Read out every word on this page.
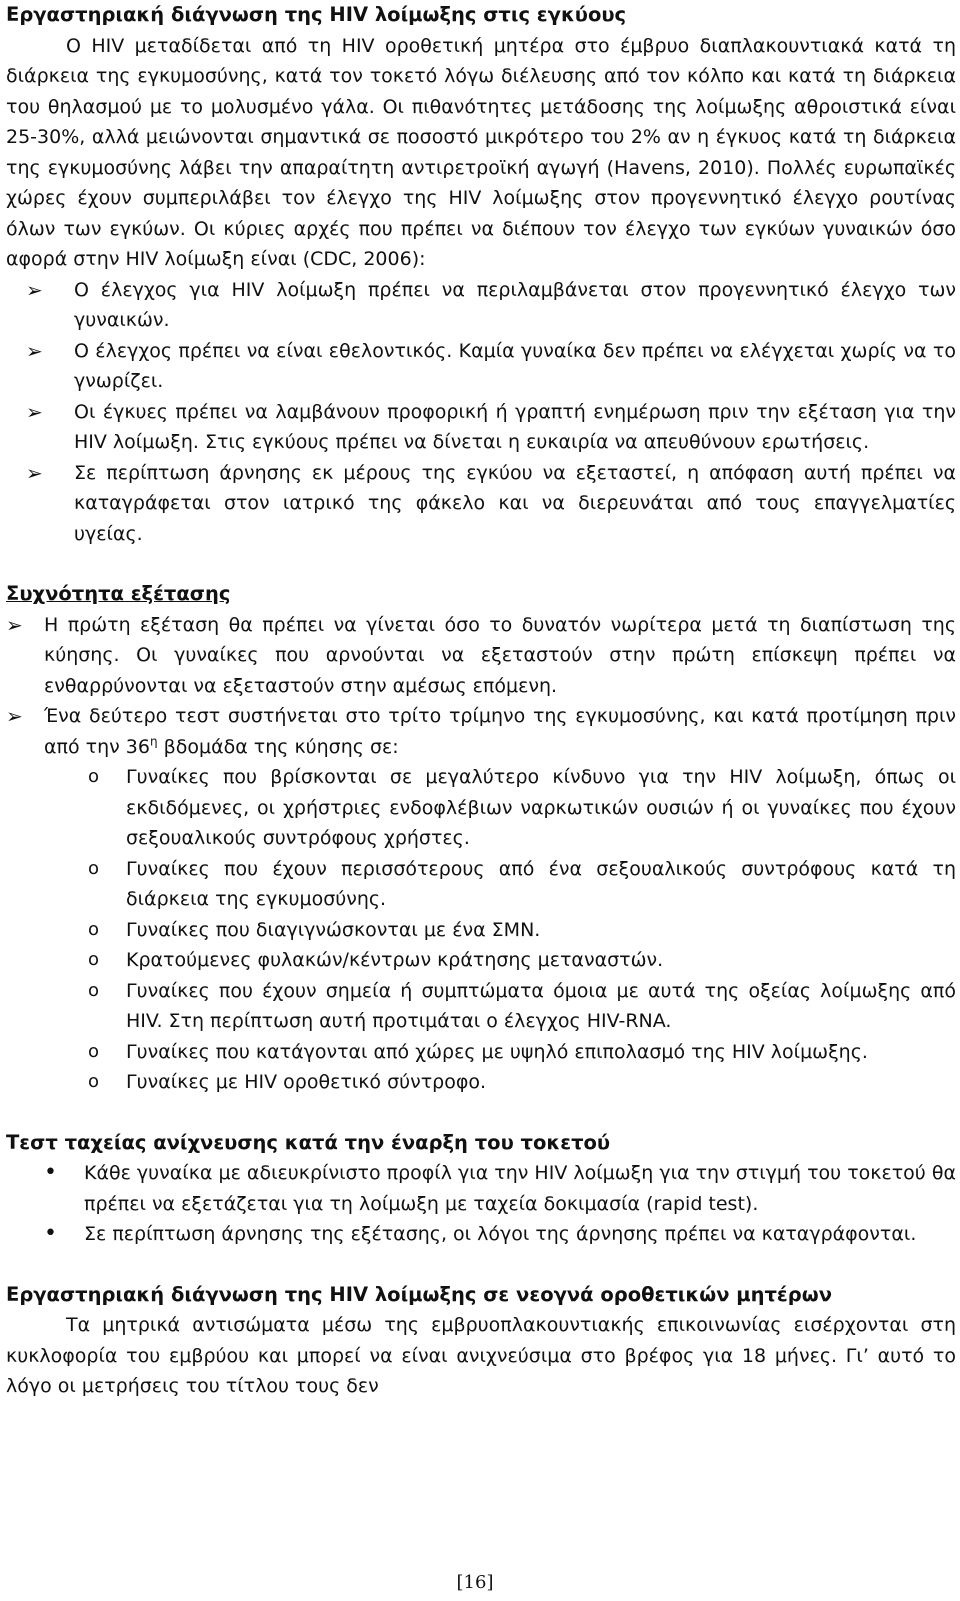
Εργαστηριακή διάγνωση της HIV λοίμωξης στις εγκύους

Ο HIV μεταδίδεται από τη HIV οροθετική μητέρα στο έμβρυο διαπλακουντιακά κατά τη διάρκεια της εγκυμοσύνης, κατά τον τοκετό λόγω διέλευσης από τον κόλπο και κατά τη διάρκεια του θηλασμού με το μολυσμένο γάλα. Οι πιθανότητες μετάδοσης της λοίμωξης αθροιστικά είναι 25-30%, αλλά μειώνονται σημαντικά σε ποσοστό μικρότερο του 2% αν η έγκυος κατά τη διάρκεια της εγκυμοσύνης λάβει την απαραίτητη αντιρετροϊκή αγωγή (Havens, 2010). Πολλές ευρωπαϊκές χώρες έχουν συμπεριλάβει τον έλεγχο της HIV λοίμωξης στον προγεννητικό έλεγχο ρουτίνας όλων των εγκύων. Οι κύριες αρχές που πρέπει να διέπουν τον έλεγχο των εγκύων γυναικών όσο αφορά στην HIV λοίμωξη είναι (CDC, 2006):

➢ Ο έλεγχος για HIV λοίμωξη πρέπει να περιλαμβάνεται στον προγεννητικό έλεγχο των γυναικών.
➢ Ο έλεγχος πρέπει να είναι εθελοντικός. Καμία γυναίκα δεν πρέπει να ελέγχεται χωρίς να το γνωρίζει.
➢ Οι έγκυες πρέπει να λαμβάνουν προφορική ή γραπτή ενημέρωση πριν την εξέταση για την HIV λοίμωξη. Στις εγκύους πρέπει να δίνεται η ευκαιρία να απευθύνουν ερωτήσεις.
➢ Σε περίπτωση άρνησης εκ μέρους της εγκύου να εξεταστεί, η απόφαση αυτή πρέπει να καταγράφεται στον ιατρικό της φάκελο και να διερευνάται από τους επαγγελματίες υγείας.

Συχνότητα εξέτασης

➢ Η πρώτη εξέταση θα πρέπει να γίνεται όσο το δυνατόν νωρίτερα μετά τη διαπίστωση της κύησης. Οι γυναίκες που αρνούνται να εξεταστούν στην πρώτη επίσκεψη πρέπει να ενθαρρύνονται να εξεταστούν στην αμέσως επόμενη.
➢ Ένα δεύτερο τεστ συστήνεται στο τρίτο τρίμηνο της εγκυμοσύνης, και κατά προτίμηση πριν από την $36^\eta$ βδομάδα της κύησης σε:
o Γυναίκες που βρίσκονται σε μεγαλύτερο κίνδυνο για την HIV λοίμωξη, όπως οι εκδιδόμενες, οι χρήστριες ενδοφλέβιων ναρκωτικών ουσιών ή οι γυναίκες που έχουν σεξουαλικούς συντρόφους χρήστες.
o Γυναίκες που έχουν περισσότερους από ένα σεξουαλικούς συντρόφους κατά τη διάρκεια της εγκυμοσύνης.
o Γυναίκες που διαγιγνώσκονται με ένα ΣΜΝ.
o Κρατούμενες φυλακών/κέντρων κράτησης μεταναστών.
o Γυναίκες που έχουν σημεία ή συμπτώματα όμοια με αυτά της οξείας λοίμωξης από HIV. Στη περίπτωση αυτή προτιμάται ο έλεγχος HIV-RNA.
o Γυναίκες που κατάγονται από χώρες με υψηλό επιπολασμό της HIV λοίμωξης.
o Γυναίκες με HIV οροθετικό σύντροφο.

Τεστ ταχείας ανίχνευσης κατά την έναρξη του τοκετού

• Κάθε γυναίκα με αδιευκρίνιστο προφίλ για την HIV λοίμωξη για την στιγμή του τοκετού θα πρέπει να εξετάζεται για τη λοίμωξη με ταχεία δοκιμασία (rapid test).
• Σε περίπτωση άρνησης της εξέτασης, οι λόγοι της άρνησης πρέπει να καταγράφονται.

Εργαστηριακή διάγνωση της HIV λοίμωξης σε νεογνά οροθετικών μητέρων

Τα μητρικά αντισώματα μέσω της εμβρυοπλακουντιακής επικοινωνίας εισέρχονται στη κυκλοφορία του εμβρύου και μπορεί να είναι ανιχνεύσιμα στο βρέφος για 18 μήνες. Γι’ αυτό το λόγο οι μετρήσεις του τίτλου τους δεν

[16]
